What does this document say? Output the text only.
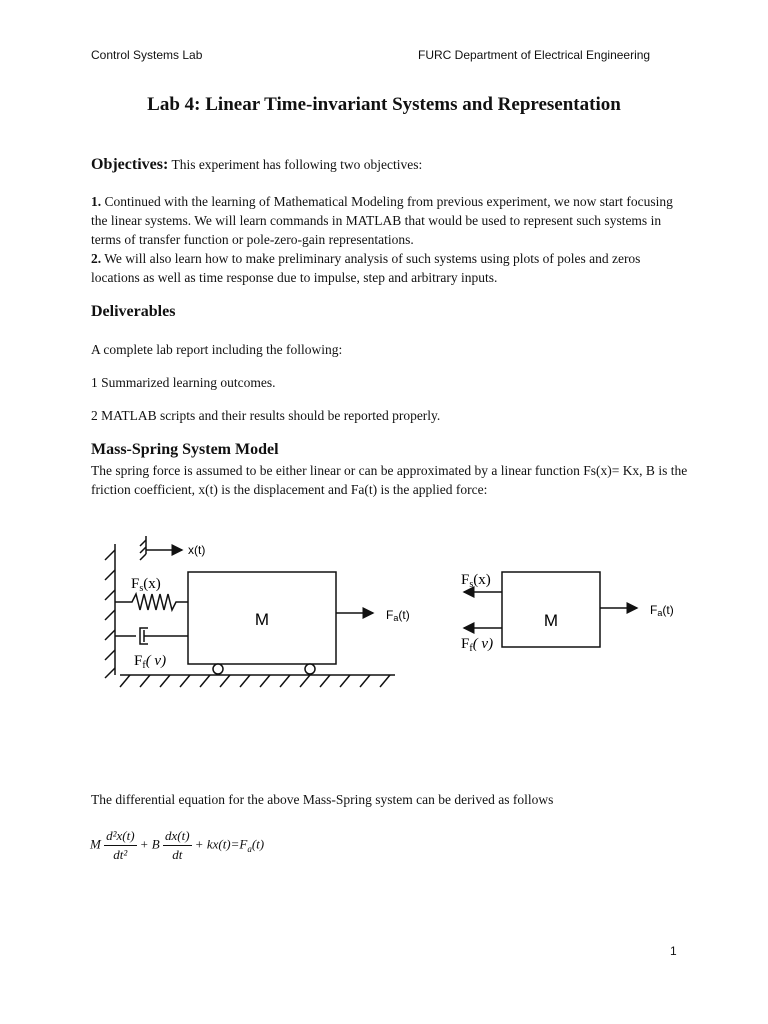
Control Systems Lab	FURC Department of Electrical Engineering
Lab 4: Linear Time-invariant Systems and Representation
Objectives: This experiment has following two objectives:
1. Continued with the learning of Mathematical Modeling from previous experiment, we now start focusing the linear systems. We will learn commands in MATLAB that would be used to represent such systems in terms of transfer function or pole-zero-gain representations.
2. We will also learn how to make preliminary analysis of such systems using plots of poles and zeros locations as well as time response due to impulse, step and arbitrary inputs.
Deliverables
A complete lab report including the following:
1 Summarized learning outcomes.
2 MATLAB scripts and their results should be reported properly.
Mass-Spring System Model
The spring force is assumed to be either linear or can be approximated by a linear function Fs(x)= Kx, B is the friction coefficient, x(t) is the displacement and Fa(t) is the applied force:
x(t)
$F_s(x)$
$F_f$( v)
M	Fa(t)	M
$F_s(x)$
$F_f$( v)
Fa(t)
The differential equation for the above Mass-Spring system can be derived as follows
M $\frac{\text{d²x(t)}}{\text{dt²}} + B \frac{dx(t)}{dt} + kx(t)=F_a(t)$
1
